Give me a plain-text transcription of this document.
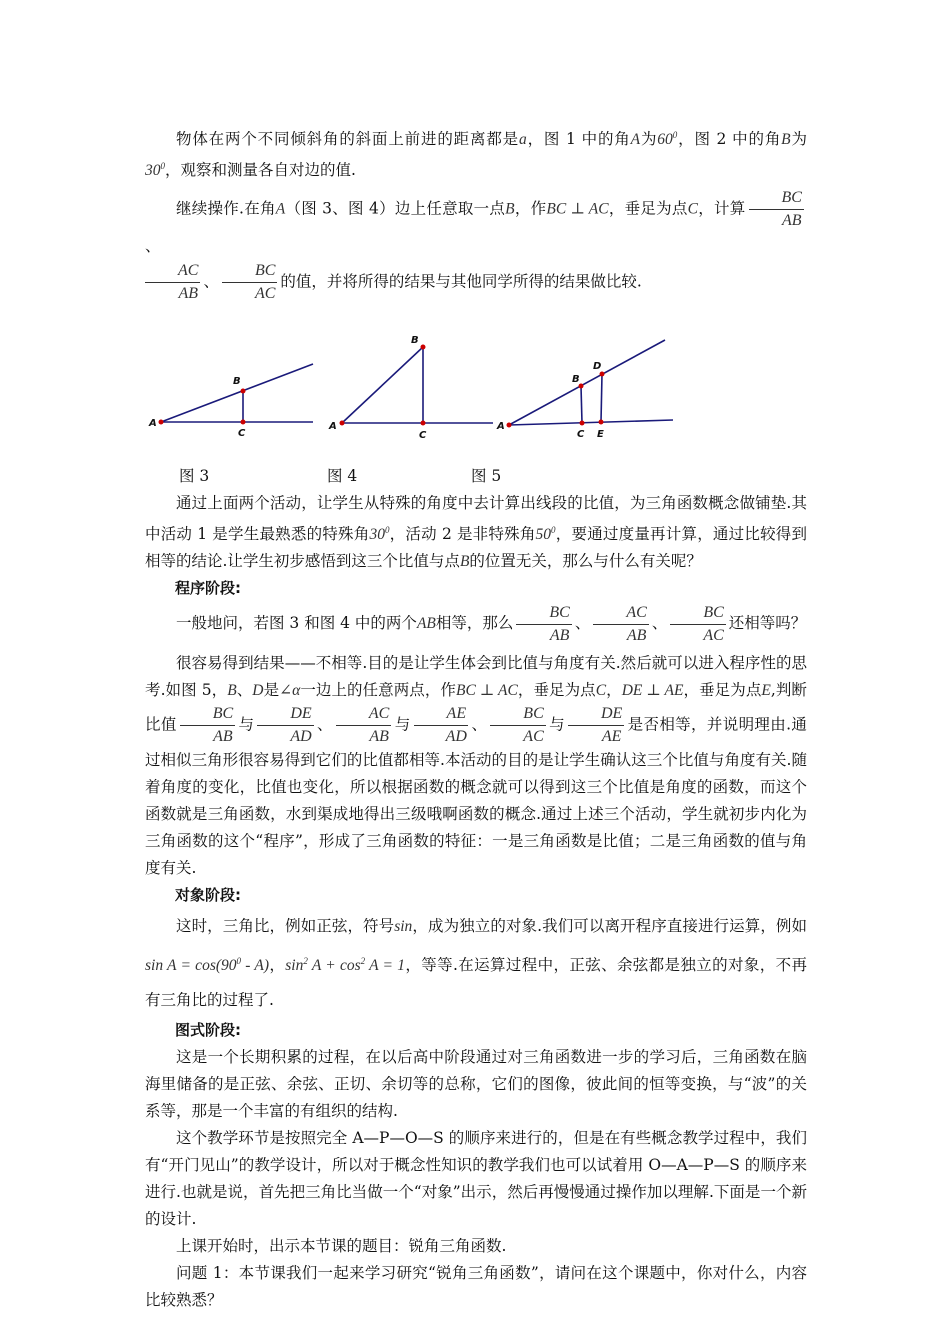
物体在两个不同倾斜角的斜面上前进的距离都是a，图 1 中的角A为$60^0$，图 2 中的角B为$30^0$，观察和测量各自对边的值.

继续操作.在角A（图 3、图 4）边上任意取一点B，作BC ⊥ AC，垂足为点C，计算 $\frac{BC}{AB}$
、

$\frac{AC}{AB}$ 、 $\frac{BC}{AC}$ 的值，并将所得的结果与其他同学所得的结果做比较.

A
B
C
A
B
C
A
B
D
C E
图 3	图 4	图 5

通过上面两个活动，让学生从特殊的角度中去计算出线段的比值，为三角函数概念做铺垫.其中活动 1 是学生最熟悉的特殊角$30^0$，活动 2 是非特殊角$50^0$，要通过度量再计算，通过比较得到相等的结论.让学生初步感悟到这三个比值与点B的位置无关，那么与什么有关呢？

程序阶段:

一般地问，若图 3 和图 4 中的两个AB相等，那么 $\frac{BC}{AB}$ 、 $\frac{AC}{AB}$ 、 $\frac{BC}{AC}$ 还相等吗？

很容易得到结果——不相等.目的是让学生体会到比值与角度有关.然后就可以进入程序性的思考.如图 5，B、D是∠α一边上的任意两点，作BC ⊥ AC，垂足为点C，DE ⊥ AE，垂足为点E,判断比值 $\frac{BC}{AB}$ 与 $\frac{DE}{AD}$ 、 $\frac{AC}{AB}$ 与 $\frac{AE}{AD}$ 、 $\frac{BC}{AC}$ 与 $\frac{DE}{AE}$ 是否相等，并说明理由.通过相似三角形很容易得到它们的比值都相等.本活动的目的是让学生确认这三个比值与角度有关.随着角度的变化，比值也变化，所以根据函数的概念就可以得到这三个比值是角度的函数，而这个函数就是三角函数，水到渠成地得出三级哦啊函数的概念.通过上述三个活动，学生就初步内化为三角函数的这个“程序”，形成了三角函数的特征：一是三角函数是比值；二是三角函数的值与角度有关.

对象阶段:

这时，三角比，例如正弦，符号sin，成为独立的对象.我们可以离开程序直接进行运算，例如$\sin A = \cos(90^0 - A)$，$\sin^2 A + \cos^2 A = 1$，等等.在运算过程中，正弦、余弦都是独立的对象，不再有三角比的过程了.

图式阶段:

这是一个长期积累的过程，在以后高中阶段通过对三角函数进一步的学习后，三角函数在脑海里储备的是正弦、余弦、正切、余切等的总称，它们的图像，彼此间的恒等变换，与“波”的关系等，那是一个丰富的有组织的结构.

这个教学环节是按照完全 A—P—O—S 的顺序来进行的，但是在有些概念教学过程中，我们有“开门见山”的教学设计，所以对于概念性知识的教学我们也可以试着用 O—A—P—S 的顺序来进行.也就是说，首先把三角比当做一个“对象”出示，然后再慢慢通过操作加以理解.下面是一个新的设计.

上课开始时，出示本节课的题目：锐角三角函数.

问题 1：本节课我们一起来学习研究“锐角三角函数”，请问在这个课题中，你对什么，内容比较熟悉？
